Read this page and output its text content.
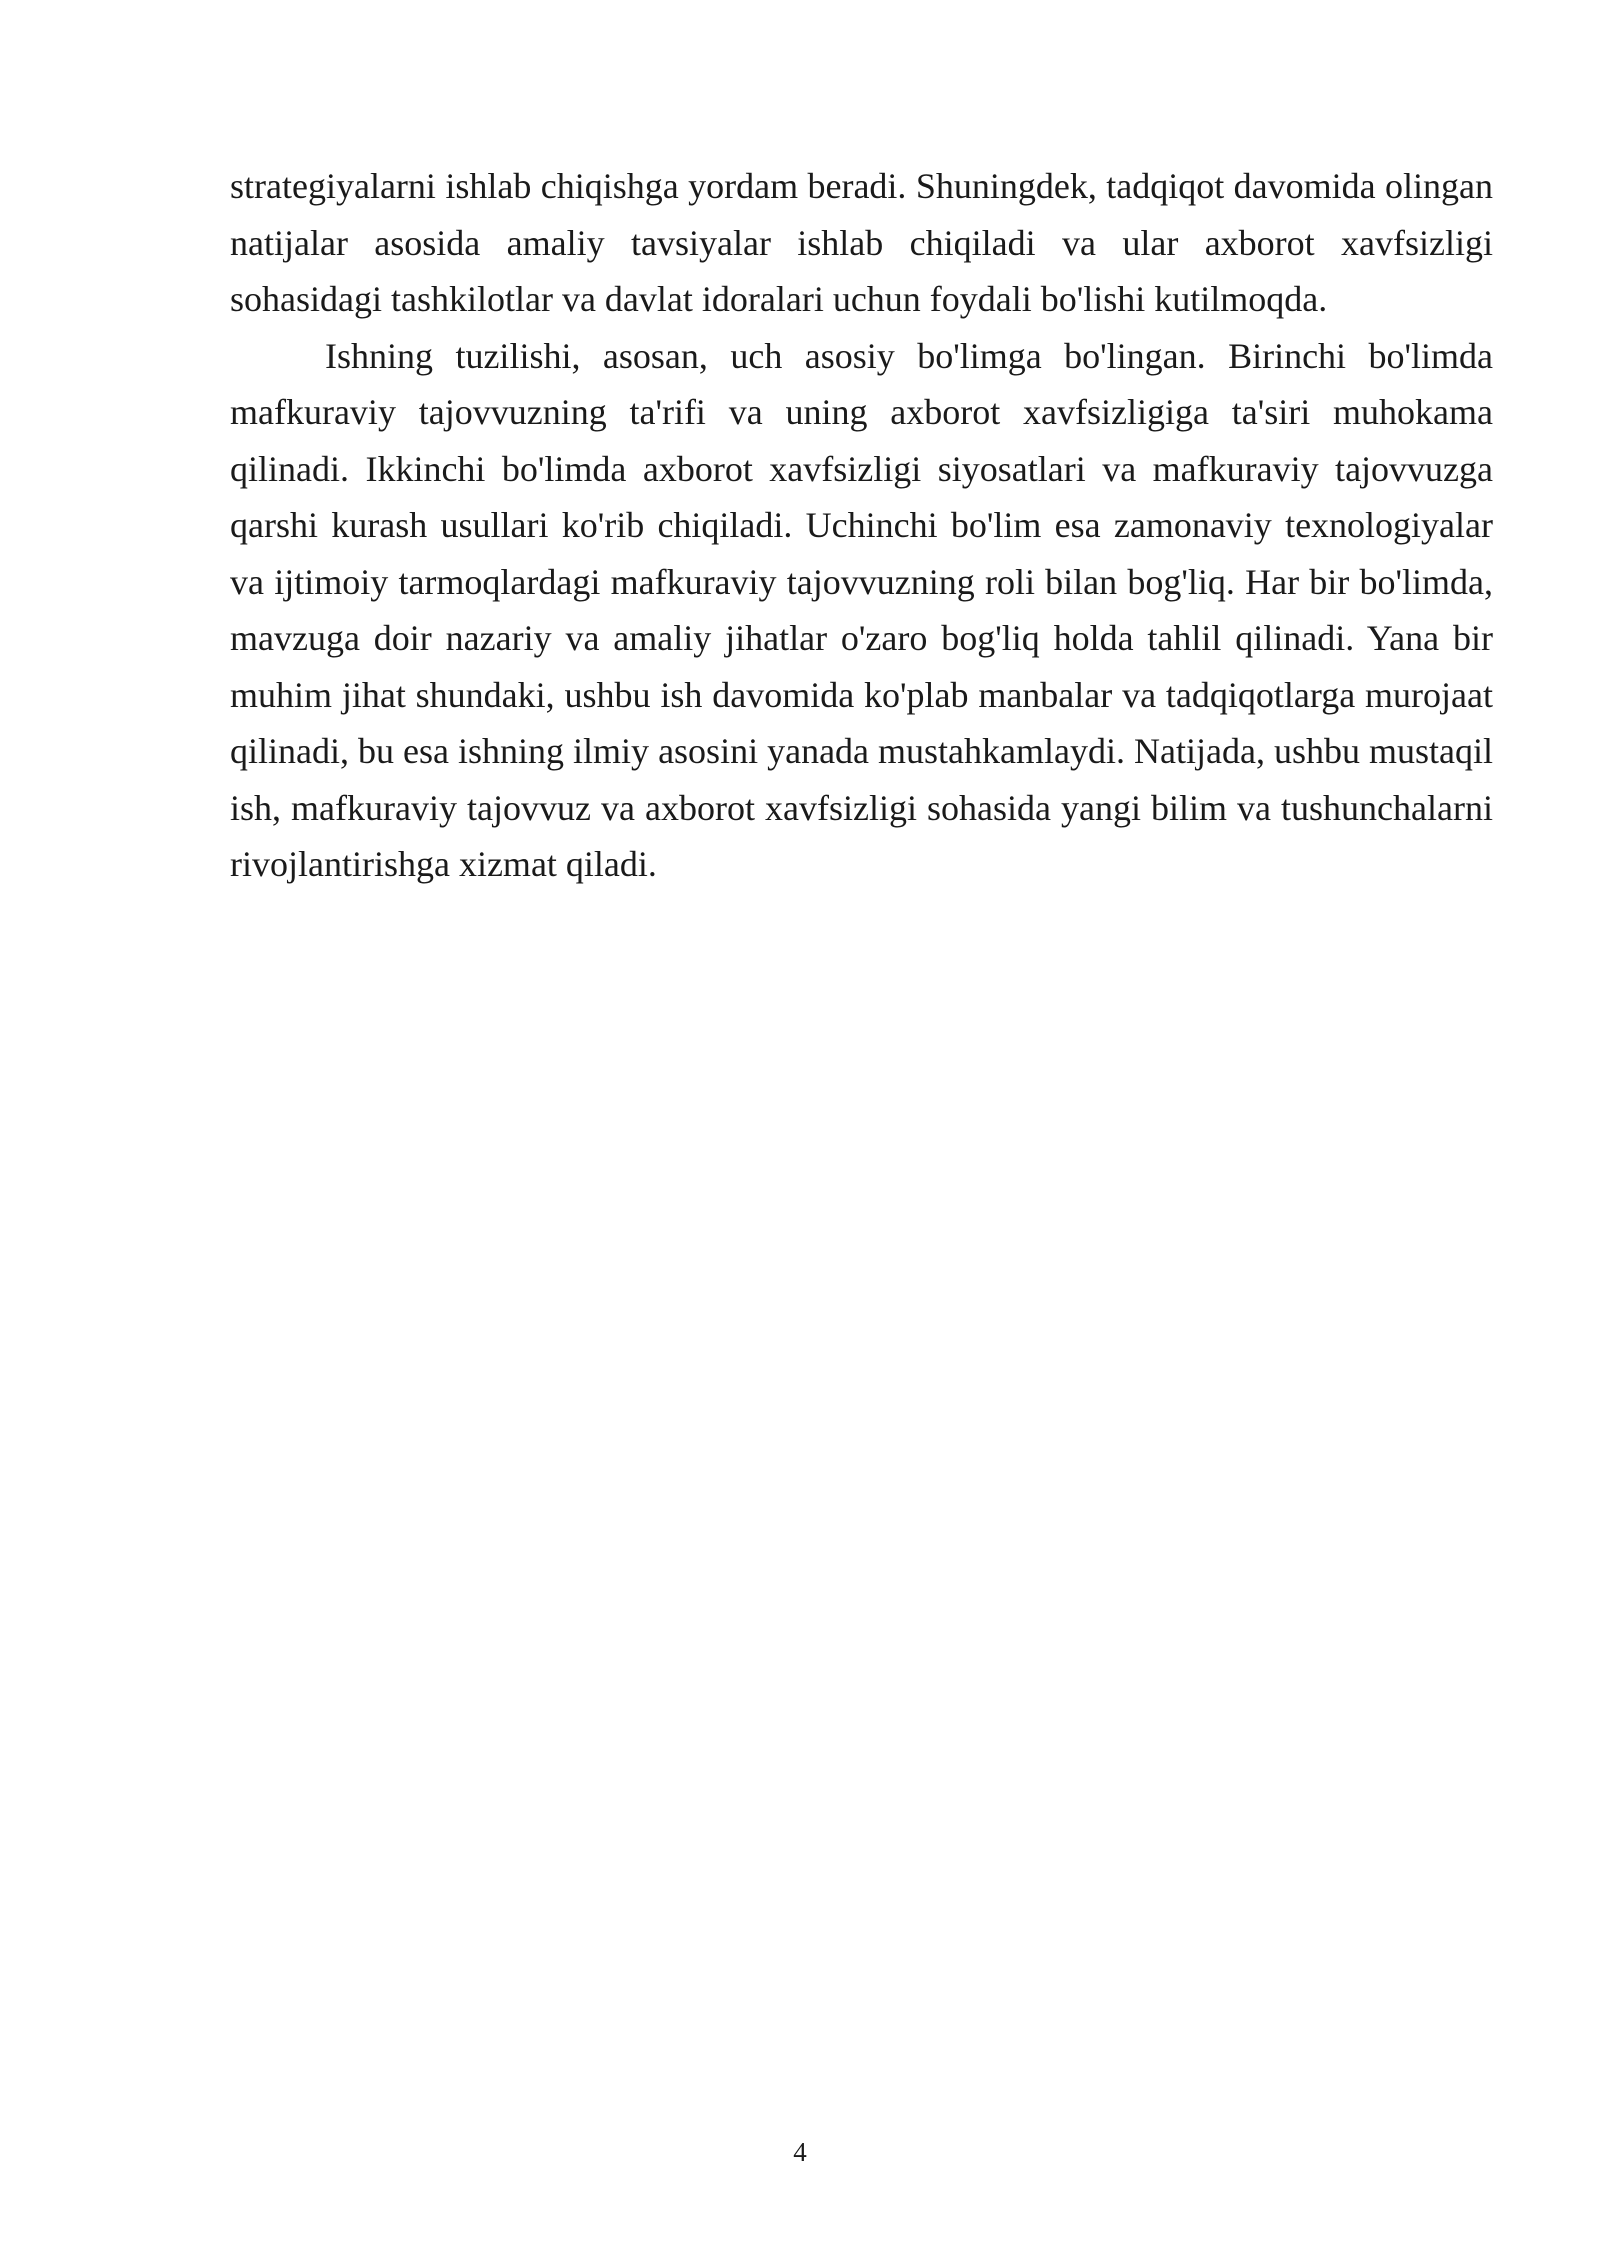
strategiyalarni ishlab chiqishga yordam beradi. Shuningdek, tadqiqot davomida olingan natijalar asosida amaliy tavsiyalar ishlab chiqiladi va ular axborot xavfsizligi sohasidagi tashkilotlar va davlat idoralari uchun foydali bo'lishi kutilmoqda.

Ishning tuzilishi, asosan, uch asosiy bo'limga bo'lingan. Birinchi bo'limda mafkuraviy tajovvuzning ta'rifi va uning axborot xavfsizligiga ta'siri muhokama qilinadi. Ikkinchi bo'limda axborot xavfsizligi siyosatlari va mafkuraviy tajovvuzga qarshi kurash usullari ko'rib chiqiladi. Uchinchi bo'lim esa zamonaviy texnologiyalar va ijtimoiy tarmoqlardagi mafkuraviy tajovvuzning roli bilan bog'liq. Har bir bo'limda, mavzuga doir nazariy va amaliy jihatlar o'zaro bog'liq holda tahlil qilinadi. Yana bir muhim jihat shundaki, ushbu ish davomida ko'plab manbalar va tadqiqotlarga murojaat qilinadi, bu esa ishning ilmiy asosini yanada mustahkamlaydi. Natijada, ushbu mustaqil ish, mafkuraviy tajovvuz va axborot xavfsizligi sohasida yangi bilim va tushunchalarni rivojlantirishga xizmat qiladi.

4
